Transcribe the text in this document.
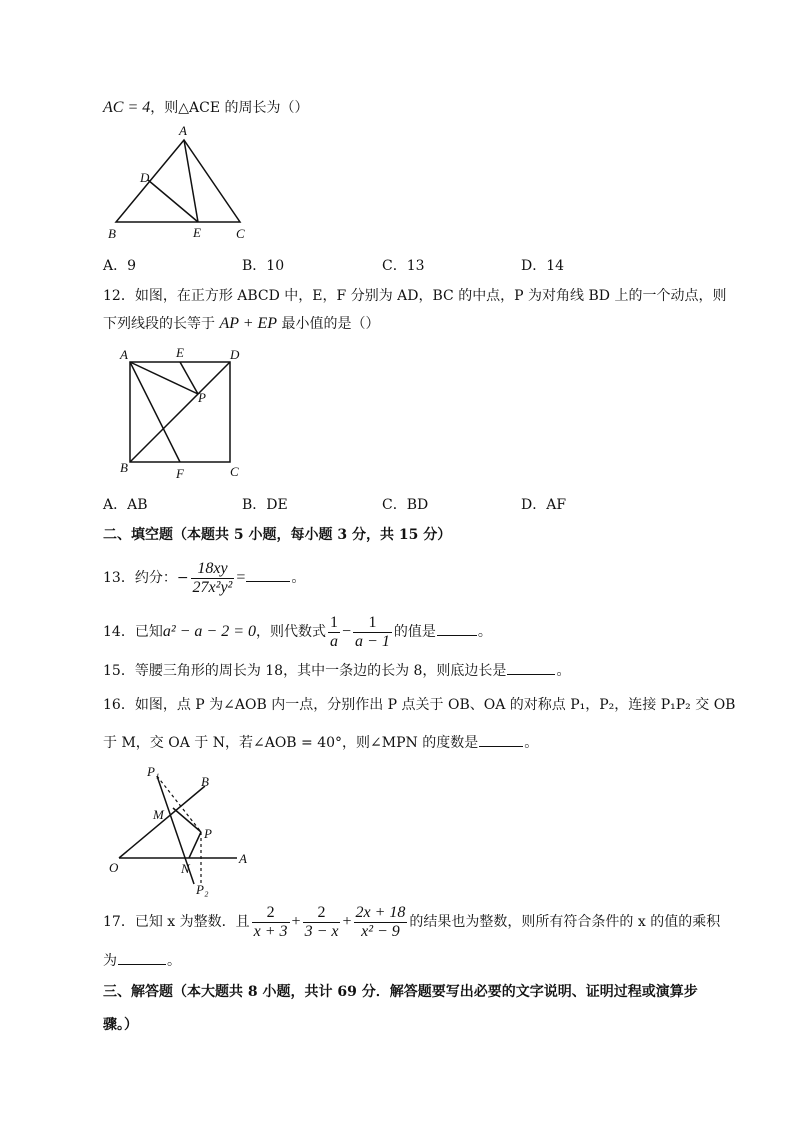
AC = 4，则△ACE 的周长为（）
A
D
B	E	C
A．9	B．10	C．13	D．14
12．如图，在正方形 ABCD 中，E，F 分别为 AD，BC 的中点，P 为对角线 BD 上的一个动点，则
下列线段的长等于 AP + EP 最小值的是（）
A	E	D
P
B	F	C
A．AB	B．DE	C．BD	D．AF
二、填空题（本题共 5 小题，每小题 3 分，共 15 分）
13．约分：− $\frac{18xy}{\text{27x²y²}}$ =	。
14．已知a² − a − 2 = 0，则代数式 $\frac{1}{a} - \frac{1}{a - 1}$ 的值是	。
15．等腰三角形的周长为 18，其中一条边的长为 8，则底边长是	。
16．如图，点 P 为∠AOB 内一点，分别作出 P 点关于 OB、OA 的对称点 P₁，P₂，连接 P₁P₂ 交 OB
于 M，交 OA 于 N，若∠AOB = 40°，则∠MPN 的度数是	。
P₁
B
M
P
O	N
A
P₂
17．已知 x 为整数．且 $\frac{2}{x + 3} + \frac{2}{3 - x} + \frac{2x + 18}{\text{x² − 9}}$ 的结果也为整数，则所有符合条件的 x 的值的乘积
为	。
三、解答题（本大题共 8 小题，共计 69 分．解答题要写出必要的文字说明、证明过程或演算步
骤。）
